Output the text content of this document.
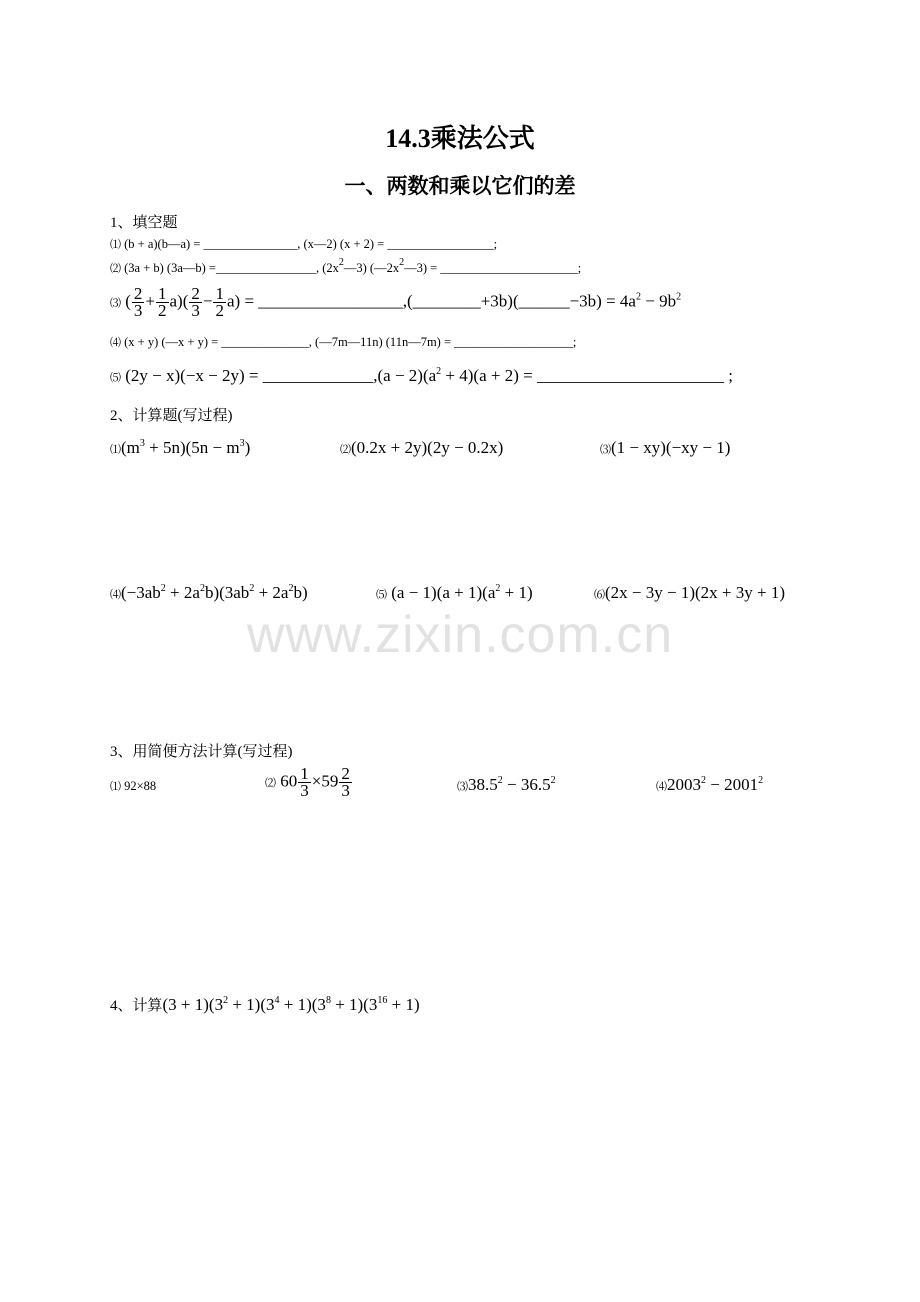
14.3乘法公式
一、两数和乘以它们的差
1、填空题
⑴ (b + a)(b—a) = _______________, (x—2) (x + 2) = _________________;
⑵ (3a + b) (3a—b) =________________, $(2x^2—3)$ $(—2x^2—3)$ = ______________________;
⑶ ( $\frac{2}{3} + \frac{1}{2} a)( \frac{2}{3} - \frac{1}{2} a)$ = _________________,(________+3b)(______−3b) = $4a^2 - 9b^2$
⑷ (x + y) (—x + y) = ______________, (—7m—11n) (11n—7m) = ___________________;
⑸ (2y − x)(−x − 2y) = _____________,(a − $2)(a^2 + 4)(a + 2)$ = ______________________ ;
2、计算题(写过程)
$⑴(m^3 + 5n)(5n - m^3)$	⑵(0.2x + 2y)(2y − 0.2x)	⑶(1 − xy)(−xy − 1)
$⑷(-3ab^2 + 2a^2b)(3ab^2 + 2a^2b)$	⑸ $(a - 1)(a + 1)(a^2 + 1)$	⑹(2x − 3y − 1)(2x + 3y + 1)
www.zixin.com.cn
3、用简便方法计算(写过程)
⑴ 92×88	⑵ $60 \frac{1}{3} \times 59 \frac{2}{3}$	$⑶38.5^2 - 36.5^2$
$⑷2003^2 - 2001^2$
4、计算$(3 + 1)(3^2 + 1)(3^4 + 1)(3^8 + 1)(3^{16} + 1)$
